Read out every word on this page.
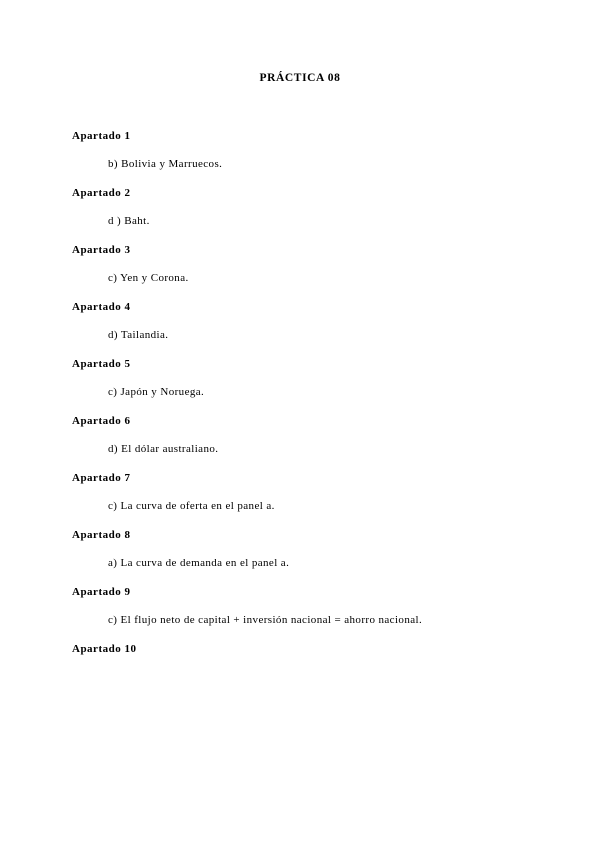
PRÁCTICA 08
Apartado 1
b) Bolivia y Marruecos.
Apartado 2
d ) Baht.
Apartado 3
c) Yen y Corona.
Apartado 4
d) Tailandia.
Apartado 5
c) Japón y Noruega.
Apartado 6
d) El dólar australiano.
Apartado 7
c) La curva de oferta en el panel a.
Apartado 8
a) La curva de demanda en el panel a.
Apartado 9
c) El flujo neto de capital + inversión nacional = ahorro nacional.
Apartado 10
